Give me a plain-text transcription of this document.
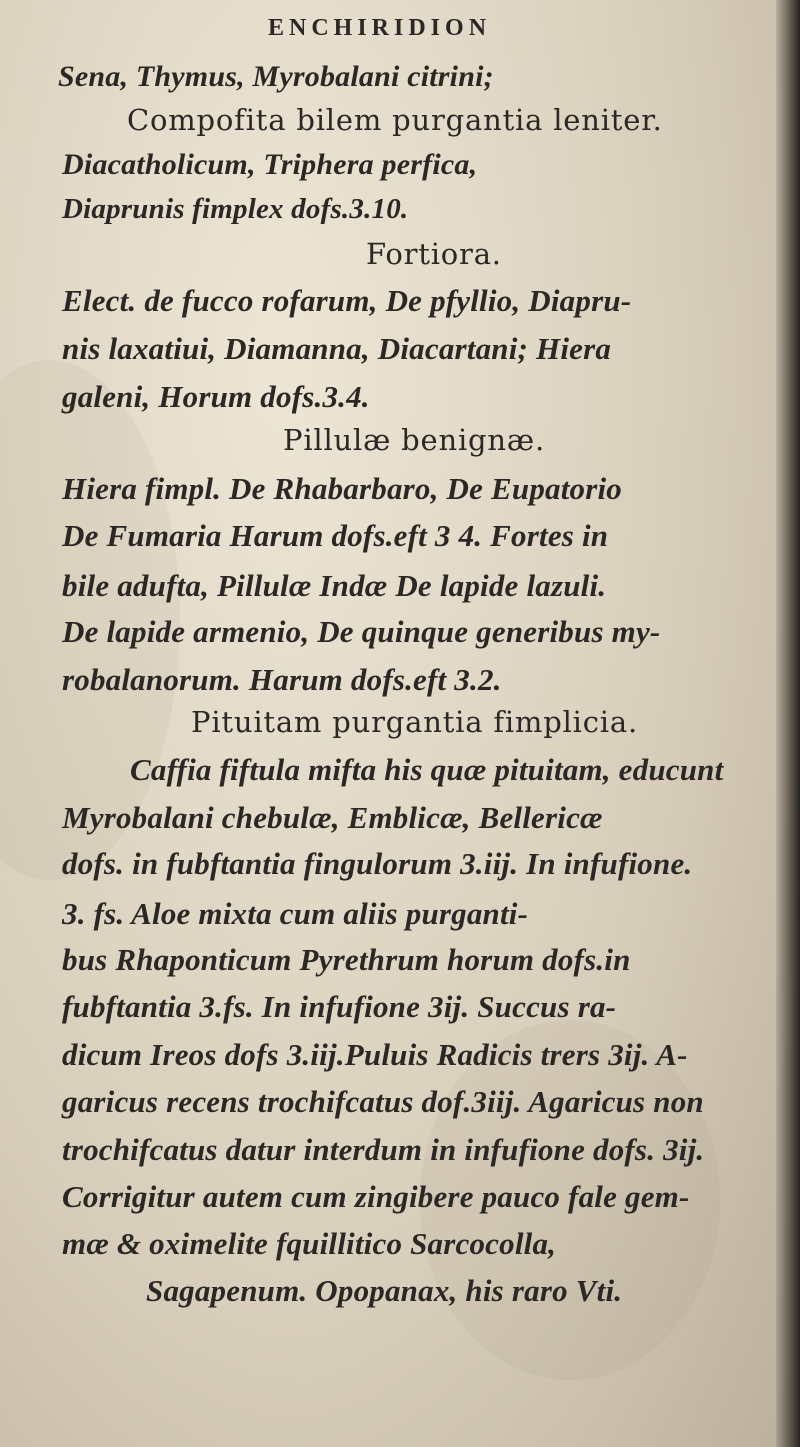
ENCHIRIDION
Sena, Thymus, Myrobalani citrini;
Compofita bilem purgantia leniter.
Diacatholicum, Triphera perfica,
Diaprunis fimplex dofs.3.10.
Fortiora.
Elect. de fucco rofarum, De pfyllio, Diapru-
nis laxatiui, Diamanna, Diacartani; Hiera
galeni, Horum dofs.3.4.
Pillulæ benignæ.
Hiera fimpl. De Rhabarbaro, De Eupatorio
De Fumaria Harum dofs.eft 3 4. Fortes in
bile adufta, Pillulæ Indæ De lapide lazuli.
De lapide armenio, De quinque generibus my-
robalanorum. Harum dofs.eft 3.2.
Pituitam purgantia fimplicia.
Caffia fiftula mifta his quæ pituitam, educunt
Myrobalani chebulæ, Emblicæ, Bellericæ
dofs. in fubftantia fingulorum 3.iij. In infufione.
3. fs. Aloe mixta cum aliis purganti-
bus Rhaponticum Pyrethrum horum dofs.in
fubftantia 3.fs. In infufione 3ij. Succus ra-
dicum Ireos dofs 3.iij.Puluis Radicis trers 3ij. A-
garicus recens trochifcatus dof.3iij. Agaricus non
trochifcatus datur interdum in infufione dofs. 3ij.
Corrigitur autem cum zingibere pauco fale gem-
mæ & oximelite fquillitico Sarcocolla,
Sagapenum. Opopanax, his raro Vti.
